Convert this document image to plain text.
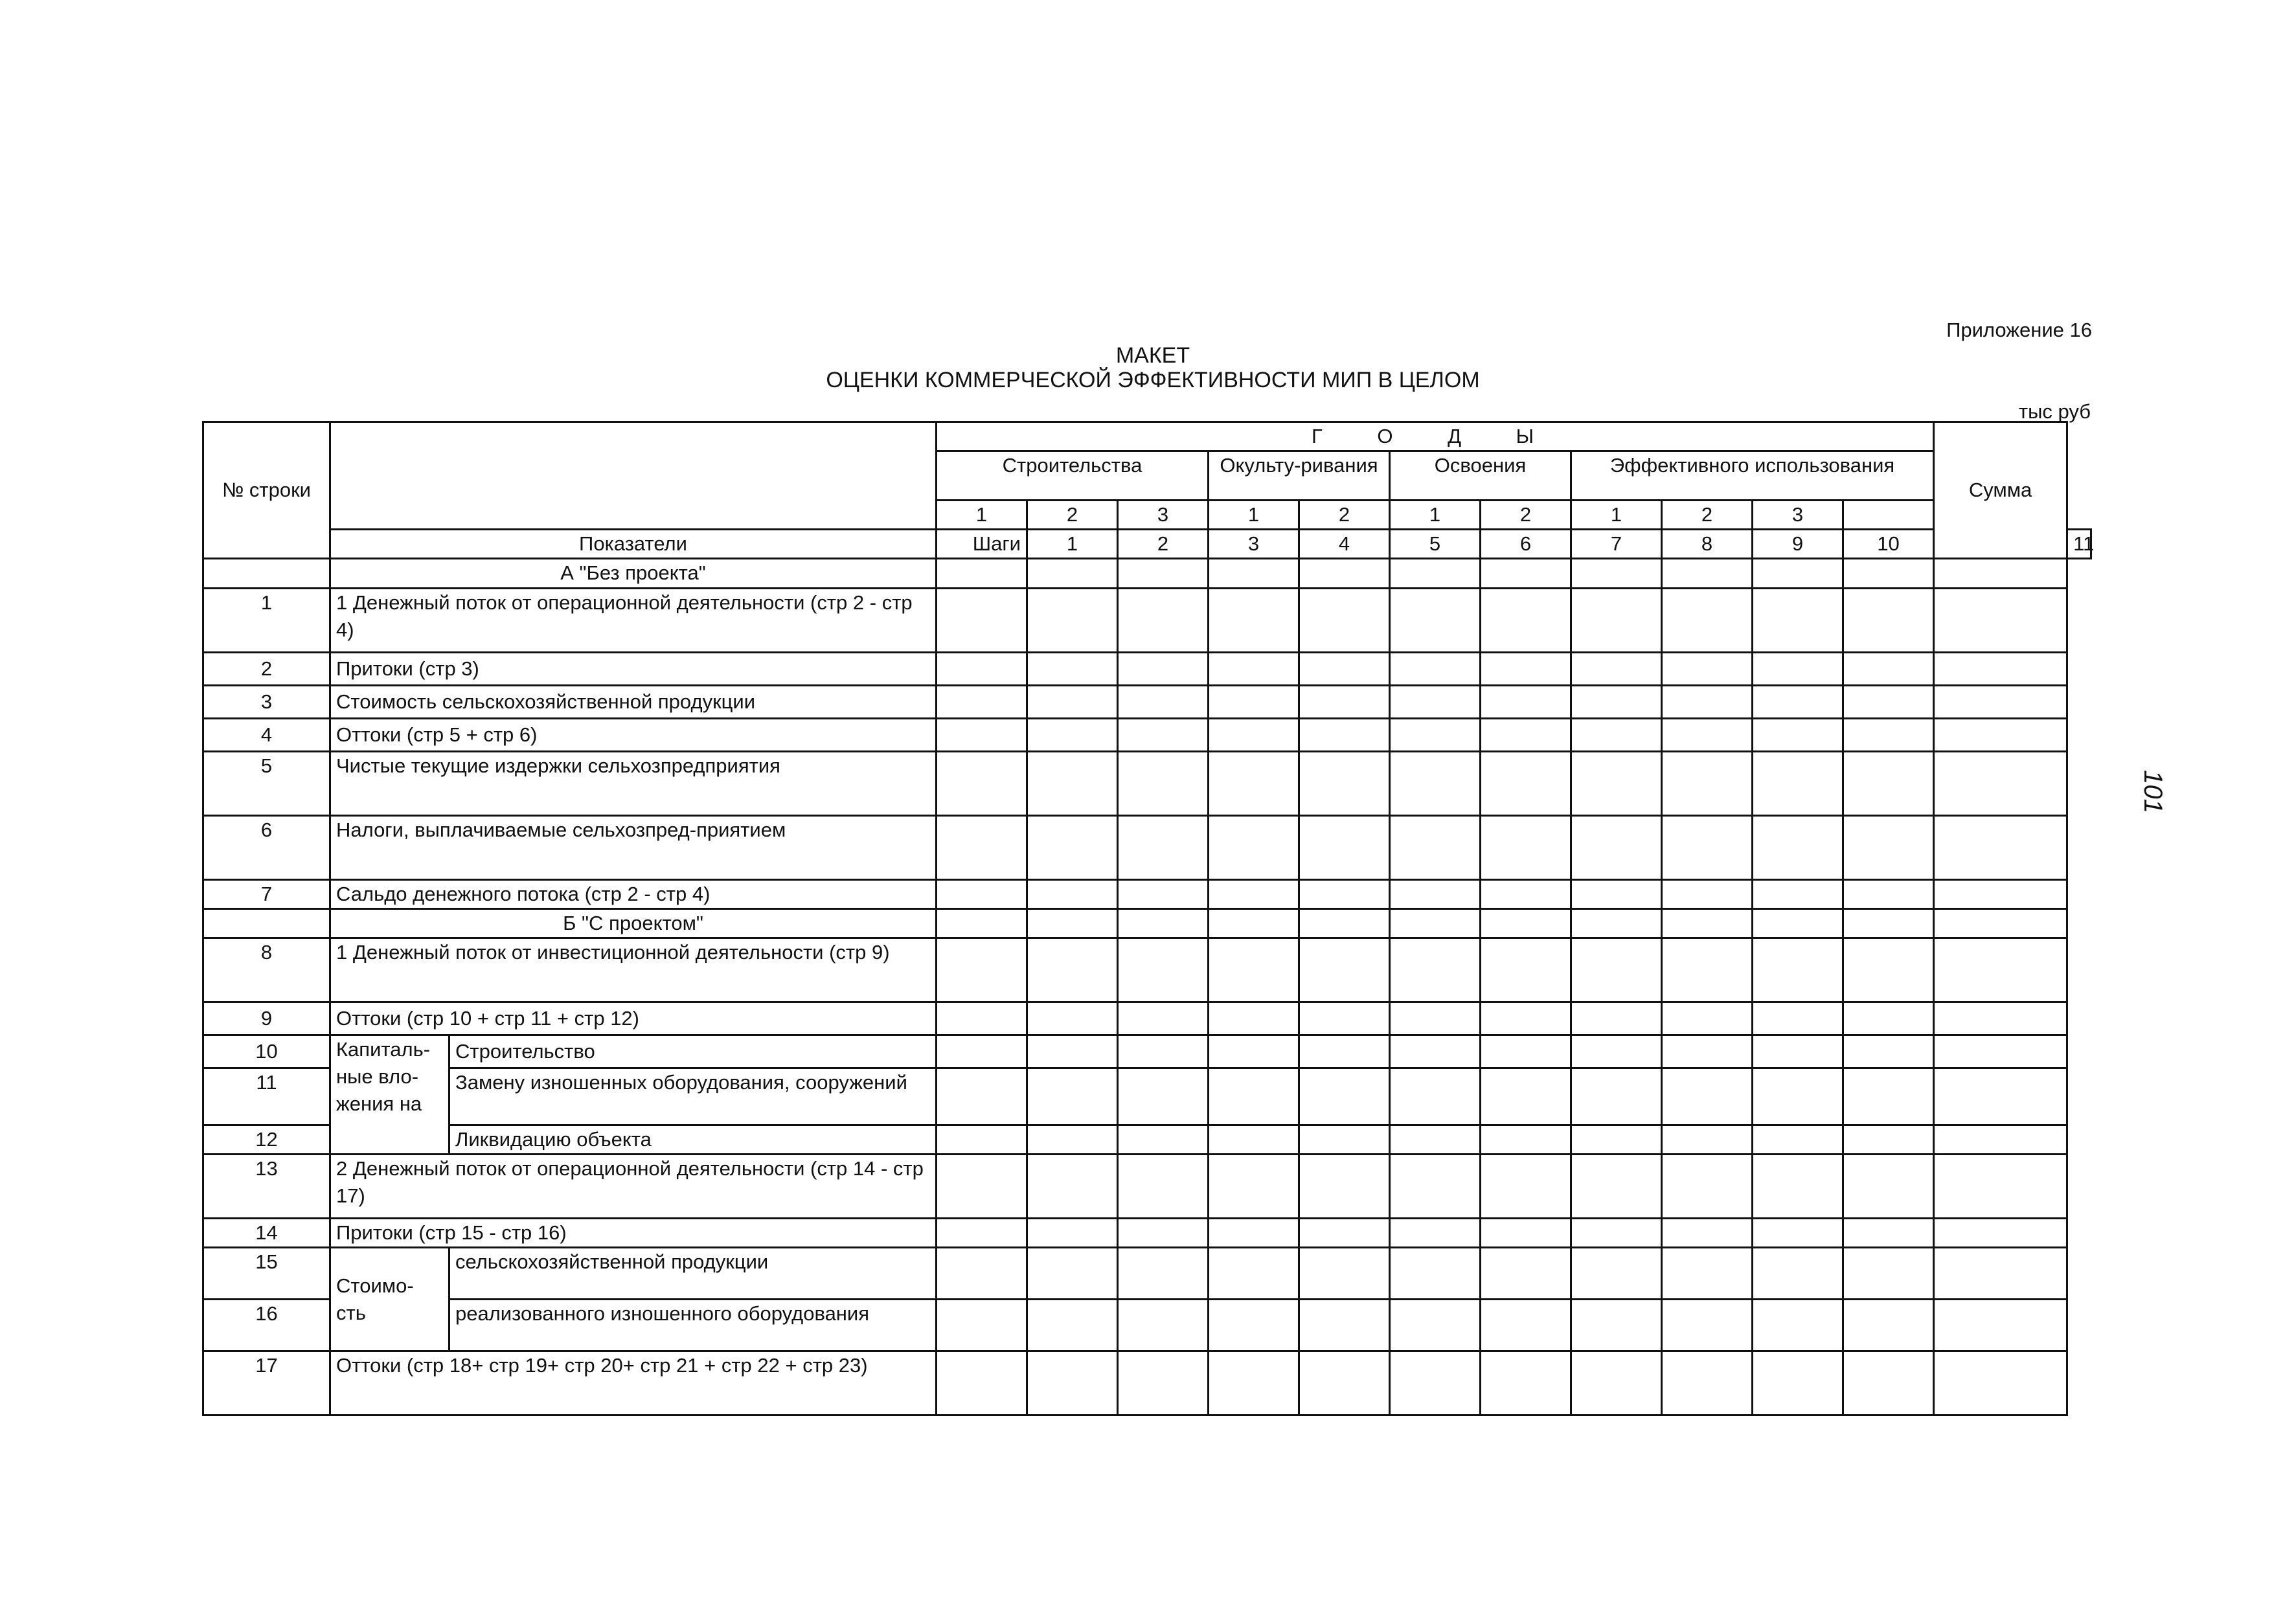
Приложение 16
МАКЕТ
ОЦЕНКИ КОММЕРЧЕСКОЙ ЭФФЕКТИВНОСТИ МИП В ЦЕЛОМ
тыс руб
№ строки			Г О Д Ы											Сумма	
			Строительства			Окульту-ривания		Освоения		Эффективного использования					
			1	2	3	1	2	1	2	1	2	3			
	Показатели		Шаги	1	2	3	4	5	6	7	8	9	10		11
	А "Без проекта"														
1	1 Денежный поток от операционной деятельности (стр 2 - стр 4)														
2	Притоки (стр 3)														
3	Стоимость сельскохозяйственной продукции														
4	Оттоки (стр 5 + стр 6)														
5	Чистые текущие издержки сельхозпредприятия														
6	Налоги, выплачиваемые сельхозпред-приятием														
7	Сальдо денежного потока (стр 2 - стр 4)														
	Б "С проектом"														
8	1 Денежный поток от инвестиционной деятельности (стр 9)														
9	Оттоки (стр 10 + стр 11 + стр 12)														
10	Капиталь-ные вло-жения на	Строительство													
11		Замену изношенных оборудования, сооружений													
12		Ликвидацию объекта													
13	2 Денежный поток от операционной деятельности (стр 14 - стр 17)														
14	Притоки (стр 15 - стр 16)														
15	Стоимо-сть	сельскохозяйственной продукции													
16		реализованного изношенного оборудования													
17	Оттоки (стр 18+ стр 19+ стр 20+ стр 21 + стр 22 + стр 23)														
101
